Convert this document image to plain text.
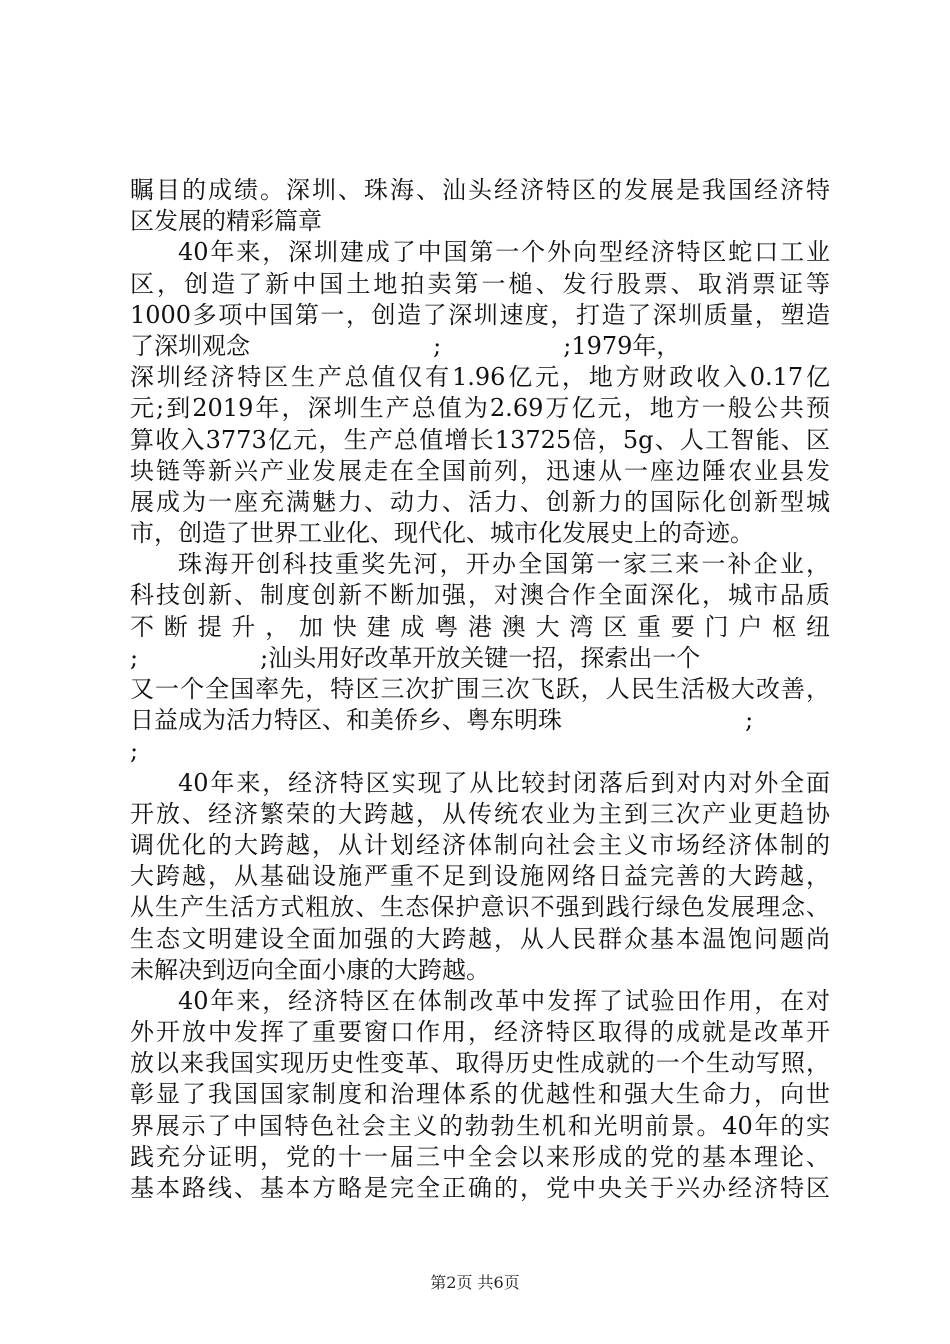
瞩目的成绩。深圳、珠海、汕头经济特区的发展是我国经济特
区发展的精彩篇章
40年来，深圳建成了中国第一个外向型经济特区蛇口工业
区，创造了新中国土地拍卖第一槌、发行股票、取消票证等
1000多项中国第一，创造了深圳速度，打造了深圳质量，塑造
了深圳观念                        ;                ;1979年，
深圳经济特区生产总值仅有1.96亿元，地方财政收入0.17亿
元;到2019年，深圳生产总值为2.69万亿元，地方一般公共预
算收入3773亿元，生产总值增长13725倍，5g、人工智能、区
块链等新兴产业发展走在全国前列，迅速从一座边陲农业县发
展成为一座充满魅力、动力、活力、创新力的国际化创新型城
市，创造了世界工业化、现代化、城市化发展史上的奇迹。
珠海开创科技重奖先河，开办全国第一家三来一补企业，
科技创新、制度创新不断加强，对澳合作全面深化，城市品质
不断提升，加快建成粤港澳大湾区重要门户枢纽
;                ;汕头用好改革开放关键一招，探索出一个
又一个全国率先，特区三次扩围三次飞跃，人民生活极大改善，
日益成为活力特区、和美侨乡、粤东明珠                        ;
;
40年来，经济特区实现了从比较封闭落后到对内对外全面
开放、经济繁荣的大跨越，从传统农业为主到三次产业更趋协
调优化的大跨越，从计划经济体制向社会主义市场经济体制的
大跨越，从基础设施严重不足到设施网络日益完善的大跨越，
从生产生活方式粗放、生态保护意识不强到践行绿色发展理念、
生态文明建设全面加强的大跨越，从人民群众基本温饱问题尚
未解决到迈向全面小康的大跨越。
40年来，经济特区在体制改革中发挥了试验田作用，在对
外开放中发挥了重要窗口作用，经济特区取得的成就是改革开
放以来我国实现历史性变革、取得历史性成就的一个生动写照，
彰显了我国国家制度和治理体系的优越性和强大生命力，向世
界展示了中国特色社会主义的勃勃生机和光明前景。40年的实
践充分证明，党的十一届三中全会以来形成的党的基本理论、
基本路线、基本方略是完全正确的，党中央关于兴办经济特区
第2页 共6页
